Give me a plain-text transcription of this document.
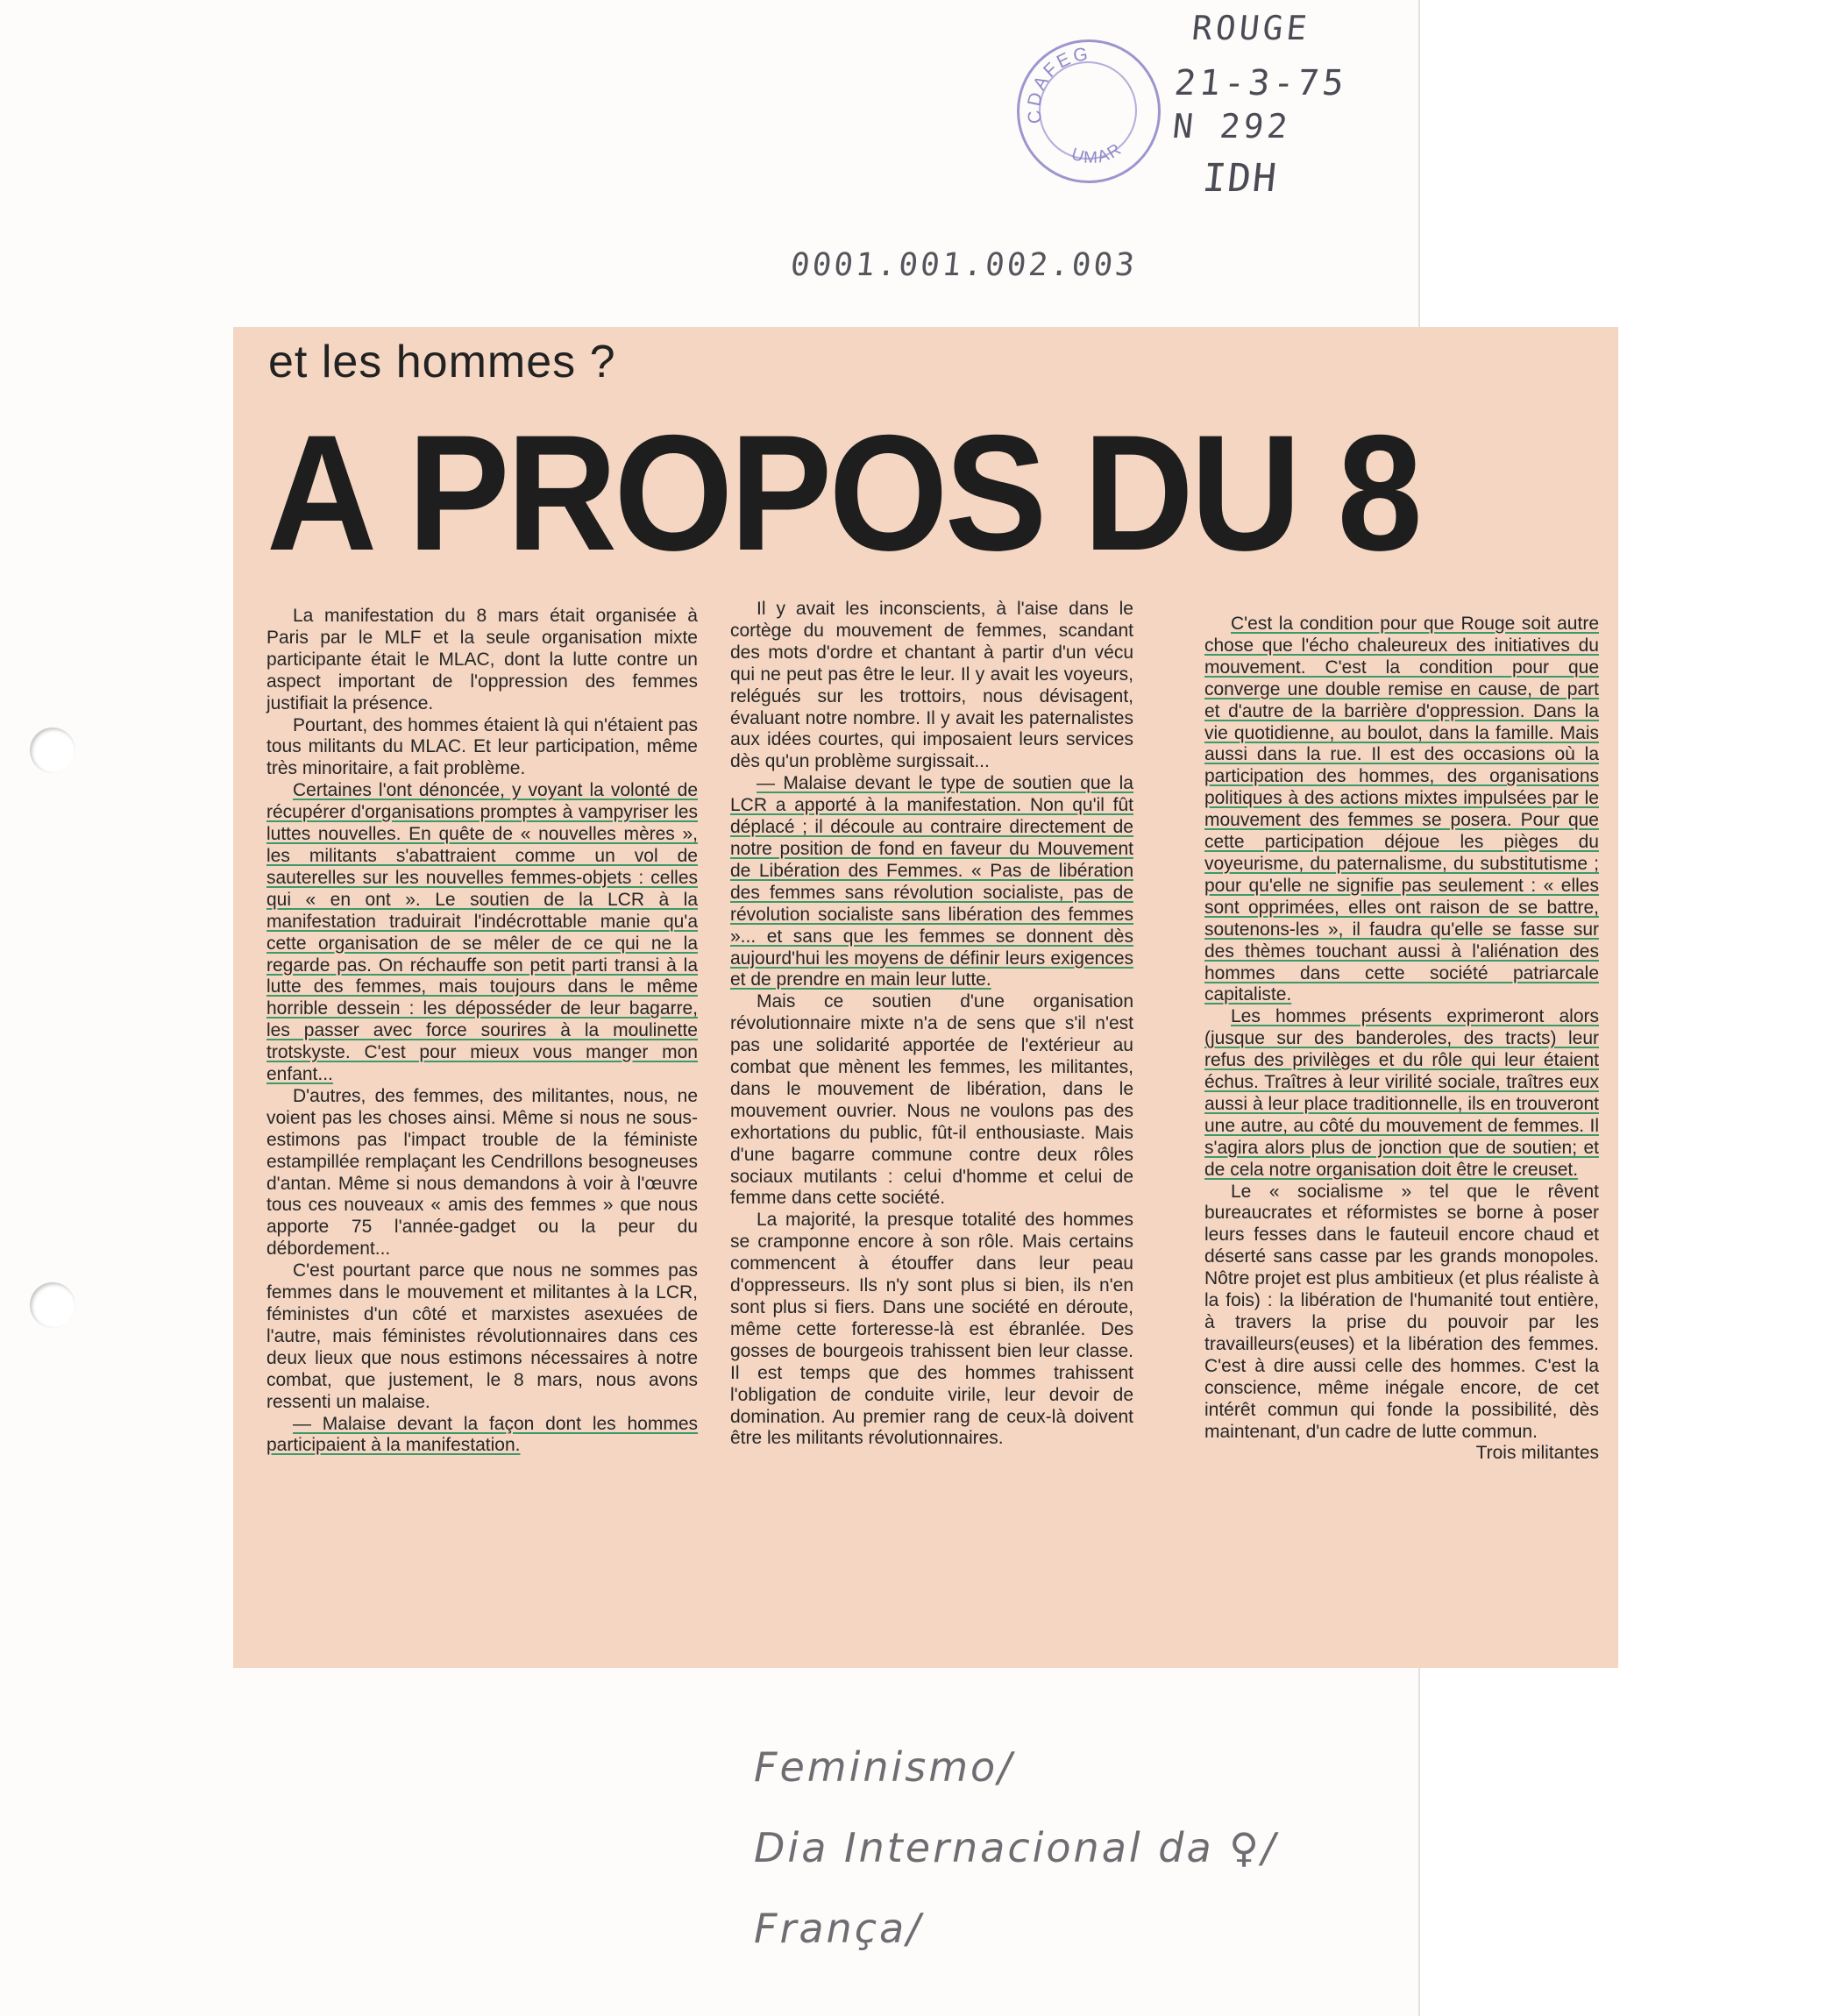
CDAFEG
UMAR
ROUGE
21-3-75
N 292
IDH
0001.001.002.003
et les hommes ?
A PROPOS DU 8

La manifestation du 8 mars était organisée à Paris par le MLF et la seule organisation mixte participante était le MLAC, dont la lutte contre un aspect important de l'oppression des femmes justifiait la présence.

Pourtant, des hommes étaient là qui n'étaient pas tous militants du MLAC. Et leur participation, même très minoritaire, a fait problème.

Certaines l'ont dénoncée, y voyant la volonté de récupérer d'organisations promptes à vampyriser les luttes nouvelles. En quête de « nouvelles mères », les militants s'abattraient comme un vol de sauterelles sur les nouvelles femmes-objets : celles qui « en ont ». Le soutien de la LCR à la manifestation traduirait l'indécrottable manie qu'a cette organisation de se mêler de ce qui ne la regarde pas. On réchauffe son petit parti transi à la lutte des femmes, mais toujours dans le même horrible dessein : les déposséder de leur bagarre, les passer avec force sourires à la moulinette trotskyste. C'est pour mieux vous manger mon enfant...

D'autres, des femmes, des militantes, nous, ne voient pas les choses ainsi. Même si nous ne sous-estimons pas l'impact trouble de la féministe estampillée remplaçant les Cendrillons besogneuses d'antan. Même si nous demandons à voir à l'œuvre tous ces nouveaux « amis des femmes » que nous apporte 75 l'année-gadget ou la peur du débordement...

C'est pourtant parce que nous ne sommes pas femmes dans le mouvement et militantes à la LCR, féministes d'un côté et marxistes asexuées de l'autre, mais féministes révolutionnaires dans ces deux lieux que nous estimons nécessaires à notre combat, que justement, le 8 mars, nous avons ressenti un malaise.

— Malaise devant la façon dont les hommes participaient à la manifestation.

Il y avait les inconscients, à l'aise dans le cortège du mouvement de femmes, scandant des mots d'ordre et chantant à partir d'un vécu qui ne peut pas être le leur. Il y avait les voyeurs, relégués sur les trottoirs, nous dévisagent, évaluant notre nombre. Il y avait les paternalistes aux idées courtes, qui imposaient leurs services dès qu'un problème surgissait...

— Malaise devant le type de soutien que la LCR a apporté à la manifestation. Non qu'il fût déplacé ; il découle au contraire directement de notre position de fond en faveur du Mouvement de Libération des Femmes. « Pas de libération des femmes sans révolution socialiste, pas de révolution socialiste sans libération des femmes »... et sans que les femmes se donnent dès aujourd'hui les moyens de définir leurs exigences et de prendre en main leur lutte.

Mais ce soutien d'une organisation révolutionnaire mixte n'a de sens que s'il n'est pas une solidarité apportée de l'extérieur au combat que mènent les femmes, les militantes, dans le mouvement de libération, dans le mouvement ouvrier. Nous ne voulons pas des exhortations du public, fût-il enthousiaste. Mais d'une bagarre commune contre deux rôles sociaux mutilants : celui d'homme et celui de femme dans cette société.

La majorité, la presque totalité des hommes se cramponne encore à son rôle. Mais certains commencent à étouffer dans leur peau d'oppresseurs. Ils n'y sont plus si bien, ils n'en sont plus si fiers. Dans une société en déroute, même cette forteresse-là est ébranlée. Des gosses de bourgeois trahissent bien leur classe. Il est temps que des hommes trahissent l'obligation de conduite virile, leur devoir de domination. Au premier rang de ceux-là doivent être les militants révolutionnaires.

C'est la condition pour que Rouge soit autre chose que l'écho chaleureux des initiatives du mouvement. C'est la condition pour que converge une double remise en cause, de part et d'autre de la barrière d'oppression. Dans la vie quotidienne, au boulot, dans la famille. Mais aussi dans la rue. Il est des occasions où la participation des hommes, des organisations politiques à des actions mixtes impulsées par le mouvement des femmes se posera. Pour que cette participation déjoue les pièges du voyeurisme, du paternalisme, du substitutisme ; pour qu'elle ne signifie pas seulement : « elles sont opprimées, elles ont raison de se battre, soutenons-les », il faudra qu'elle se fasse sur des thèmes touchant aussi à l'aliénation des hommes dans cette société patriarcale capitaliste.

Les hommes présents exprimeront alors (jusque sur des banderoles, des tracts) leur refus des privilèges et du rôle qui leur étaient échus. Traîtres à leur virilité sociale, traîtres eux aussi à leur place traditionnelle, ils en trouveront une autre, au côté du mouvement de femmes. Il s'agira alors plus de jonction que de soutien; et de cela notre organisation doit être le creuset.

Le « socialisme » tel que le rêvent bureaucrates et réformistes se borne à poser leurs fesses dans le fauteuil encore chaud et déserté sans casse par les grands monopoles. Nôtre projet est plus ambitieux (et plus réaliste à la fois) : la libération de l'humanité tout entière, à travers la prise du pouvoir par les travailleurs(euses) et la libération des femmes. C'est à dire aussi celle des hommes. C'est la conscience, même inégale encore, de cet intérêt commun qui fonde la possibilité, dès maintenant, d'un cadre de lutte commun.

Trois militantes

Feminismo/
Dia Internacional da ♀/
França/
